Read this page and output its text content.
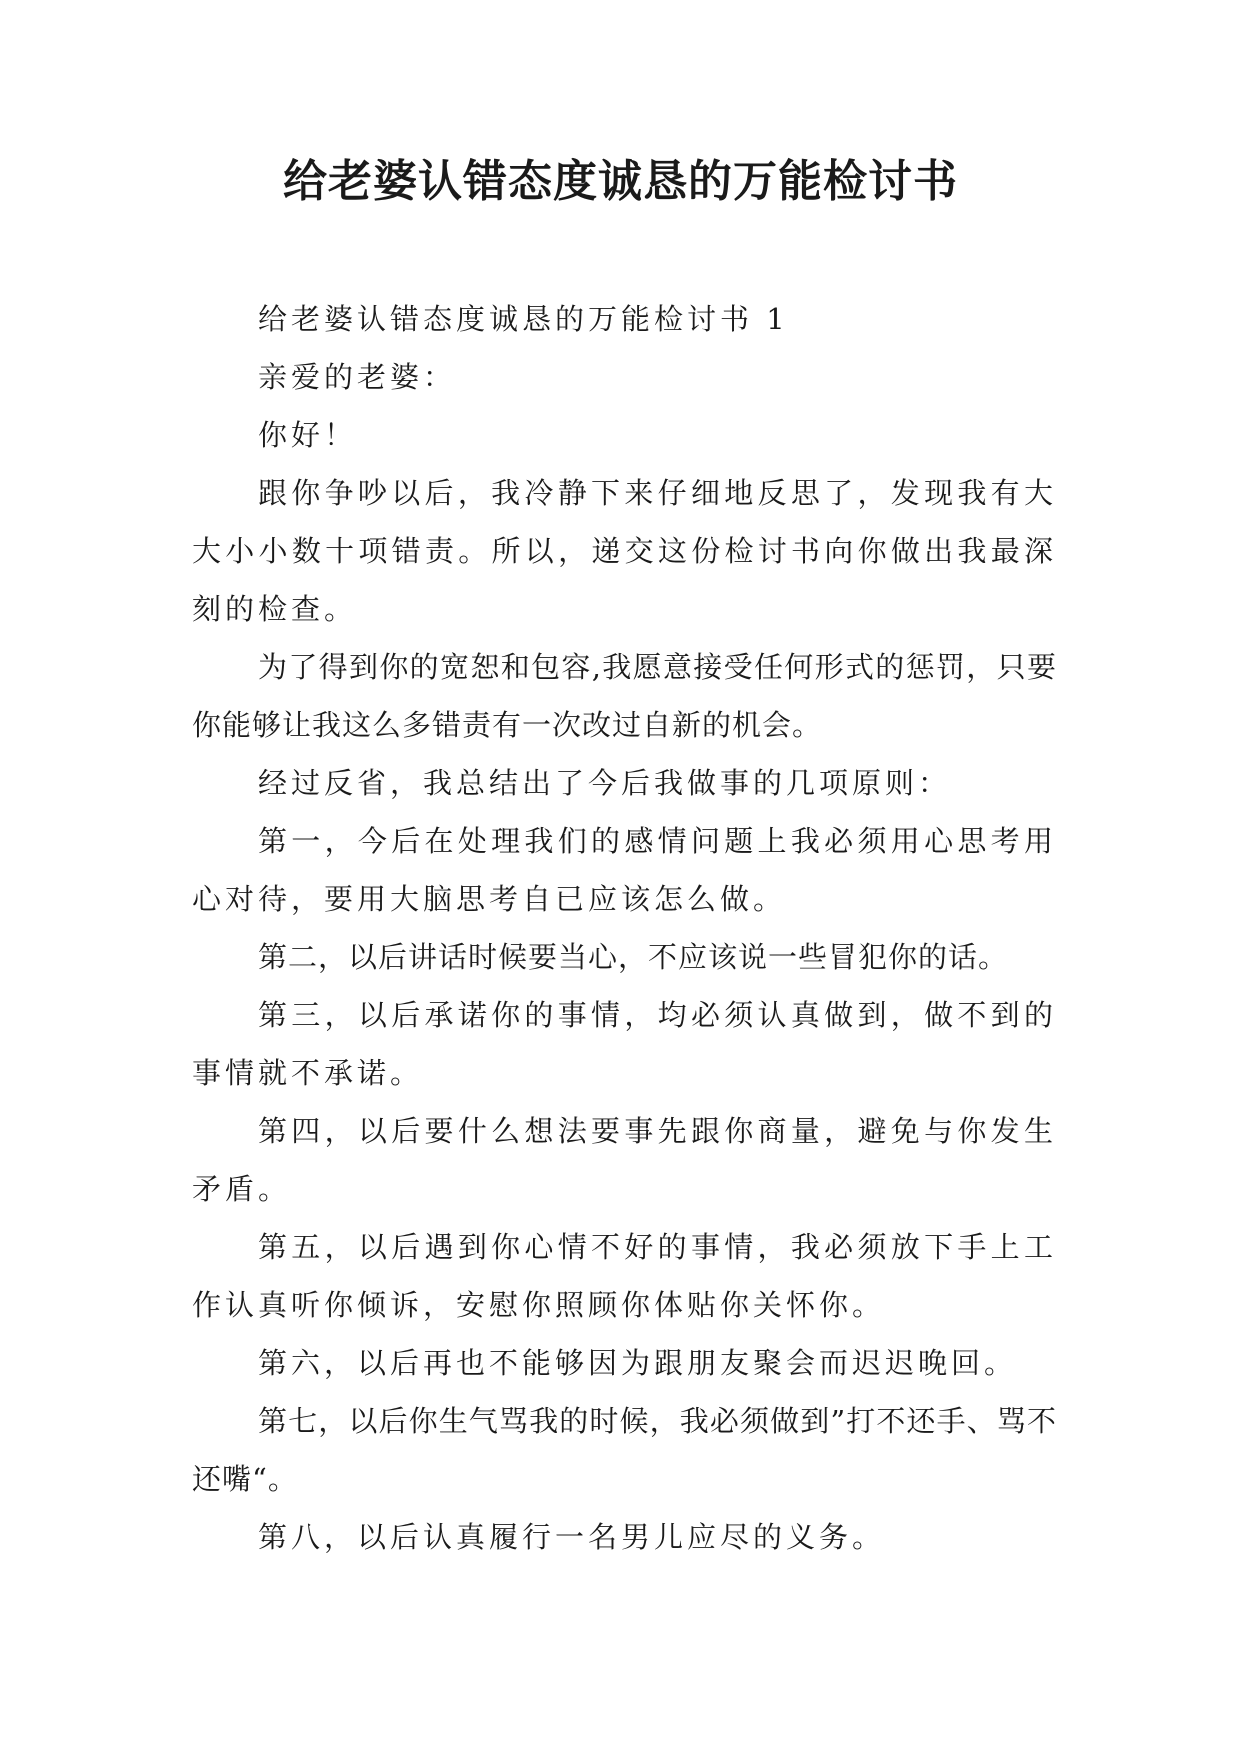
给老婆认错态度诚恳的万能检讨书

给老婆认错态度诚恳的万能检讨书 1

亲爱的老婆：

你好！

跟你争吵以后，我冷静下来仔细地反思了，发现我有大大小小数十项错责。所以，递交这份检讨书向你做出我最深刻的检查。

为了得到你的宽恕和包容,我愿意接受任何形式的惩罚，只要你能够让我这么多错责有一次改过自新的机会。

经过反省，我总结出了今后我做事的几项原则：

第一，今后在处理我们的感情问题上我必须用心思考用心对待，要用大脑思考自已应该怎么做。

第二，以后讲话时候要当心，不应该说一些冒犯你的话。

第三，以后承诺你的事情，均必须认真做到，做不到的事情就不承诺。

第四，以后要什么想法要事先跟你商量，避免与你发生矛盾。

第五，以后遇到你心情不好的事情，我必须放下手上工作认真听你倾诉，安慰你照顾你体贴你关怀你。

第六，以后再也不能够因为跟朋友聚会而迟迟晚回。

第七，以后你生气骂我的时候，我必须做到”打不还手、骂不还嘴“。

第八，以后认真履行一名男儿应尽的义务。
